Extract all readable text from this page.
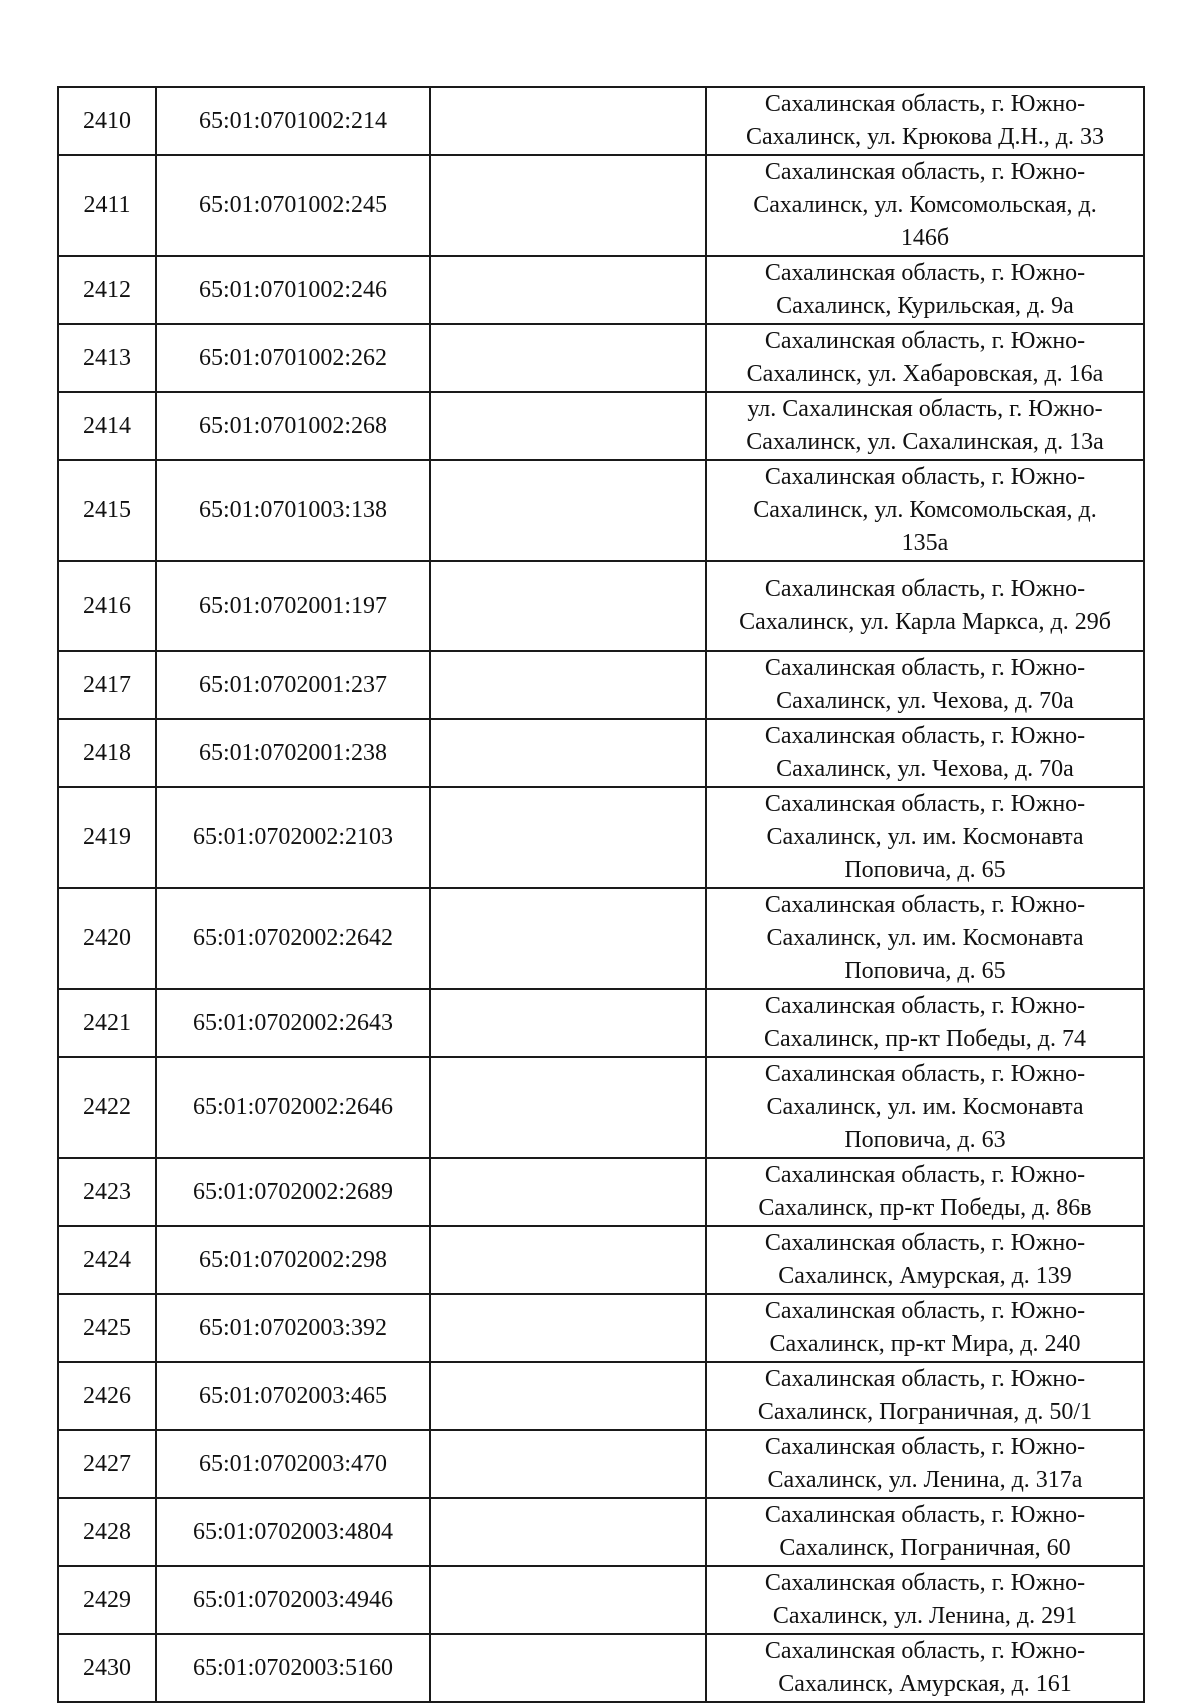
2410	65:01:0701002:214		Сахалинская область, г. Южно-
Сахалинск, ул. Крюкова Д.Н., д. 33

2411	65:01:0701002:245		Сахалинская область, г. Южно-
Сахалинск, ул. Комсомольская, д.
146б

2412	65:01:0701002:246		Сахалинская область, г. Южно-
Сахалинск, Курильская, д. 9а

2413	65:01:0701002:262		Сахалинская область, г. Южно-
Сахалинск, ул. Хабаровская, д. 16а

2414	65:01:0701002:268		ул. Сахалинская область, г. Южно-
Сахалинск, ул. Сахалинская, д. 13а

2415	65:01:0701003:138		Сахалинская область, г. Южно-
Сахалинск, ул. Комсомольская, д.
135а

2416	65:01:0702001:197		Сахалинская область, г. Южно-
Сахалинск, ул. Карла Маркса, д. 29б

2417	65:01:0702001:237		Сахалинская область, г. Южно-
Сахалинск, ул. Чехова, д. 70а

2418	65:01:0702001:238		Сахалинская область, г. Южно-
Сахалинск, ул. Чехова, д. 70а

2419	65:01:0702002:2103		Сахалинская область, г. Южно-
Сахалинск, ул. им. Космонавта
Поповича, д. 65

2420	65:01:0702002:2642		Сахалинская область, г. Южно-
Сахалинск, ул. им. Космонавта
Поповича, д. 65

2421	65:01:0702002:2643		Сахалинская область, г. Южно-
Сахалинск, пр-кт Победы, д. 74

2422	65:01:0702002:2646		Сахалинская область, г. Южно-
Сахалинск, ул. им. Космонавта
Поповича, д. 63

2423	65:01:0702002:2689		Сахалинская область, г. Южно-
Сахалинск, пр-кт Победы, д. 86в

2424	65:01:0702002:298		Сахалинская область, г. Южно-
Сахалинск, Амурская, д. 139

2425	65:01:0702003:392		Сахалинская область, г. Южно-
Сахалинск, пр-кт Мира, д. 240

2426	65:01:0702003:465		Сахалинская область, г. Южно-
Сахалинск, Пограничная, д. 50/1

2427	65:01:0702003:470		Сахалинская область, г. Южно-
Сахалинск, ул. Ленина, д. 317а

2428	65:01:0702003:4804		Сахалинская область, г. Южно-
Сахалинск, Пограничная, 60

2429	65:01:0702003:4946		Сахалинская область, г. Южно-
Сахалинск, ул. Ленина, д. 291

2430	65:01:0702003:5160		Сахалинская область, г. Южно-
Сахалинск, Амурская, д. 161
